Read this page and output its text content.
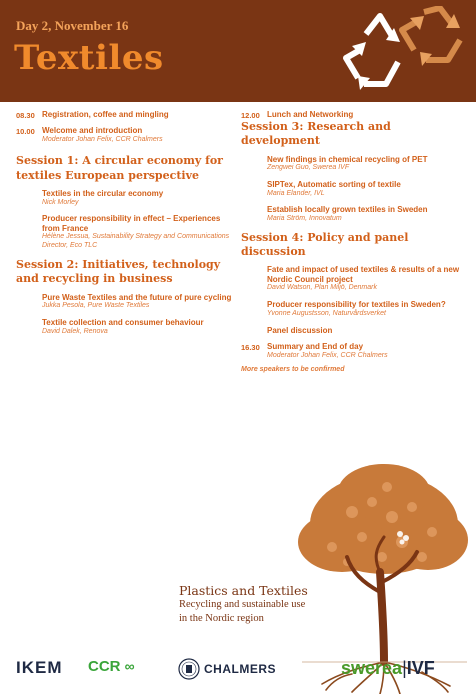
Day 2, November 16
Textiles
08.30 Registration, coffee and mingling
10.00 Welcome and introduction
Moderator Johan Felix, CCR Chalmers
Session 1: A circular economy for textiles European perspective
Textiles in the circular economy
Nick Morley
Producer responsibility in effect – Experiences from France
Hélène Jessua, Sustainability Strategy and Communications Director, Eco TLC
Session 2: Initiatives, technology and recycling in business
Pure Waste Textiles and the future of pure cycling
Jukka Pesola, Pure Waste Textiles
Textile collection and consumer behaviour
David Dalek, Renova
12.00 Lunch and Networking
Session 3: Research and development
New findings in chemical recycling of PET
Zengwei Guo, Swerea IVF
SIPTex, Automatic sorting of textile
Maria Elander, IVL
Establish locally grown textiles in Sweden
Maria Ström, Innovatum
Session 4: Policy and panel discussion
Fate and impact of used textiles & results of a new Nordic Council project
David Watson, Plan Miljö, Denmark
Producer responsibility for textiles in Sweden?
Yvonne Augustsson, Naturvårdsverket
Panel discussion
16.30 Summary and End of day
Moderator Johan Felix, CCR Chalmers
More speakers to be confirmed
Plastics and Textiles
Recycling and sustainable use
in the Nordic region
IKEM CCR ∞	CHALMERS	swerea|IVF
